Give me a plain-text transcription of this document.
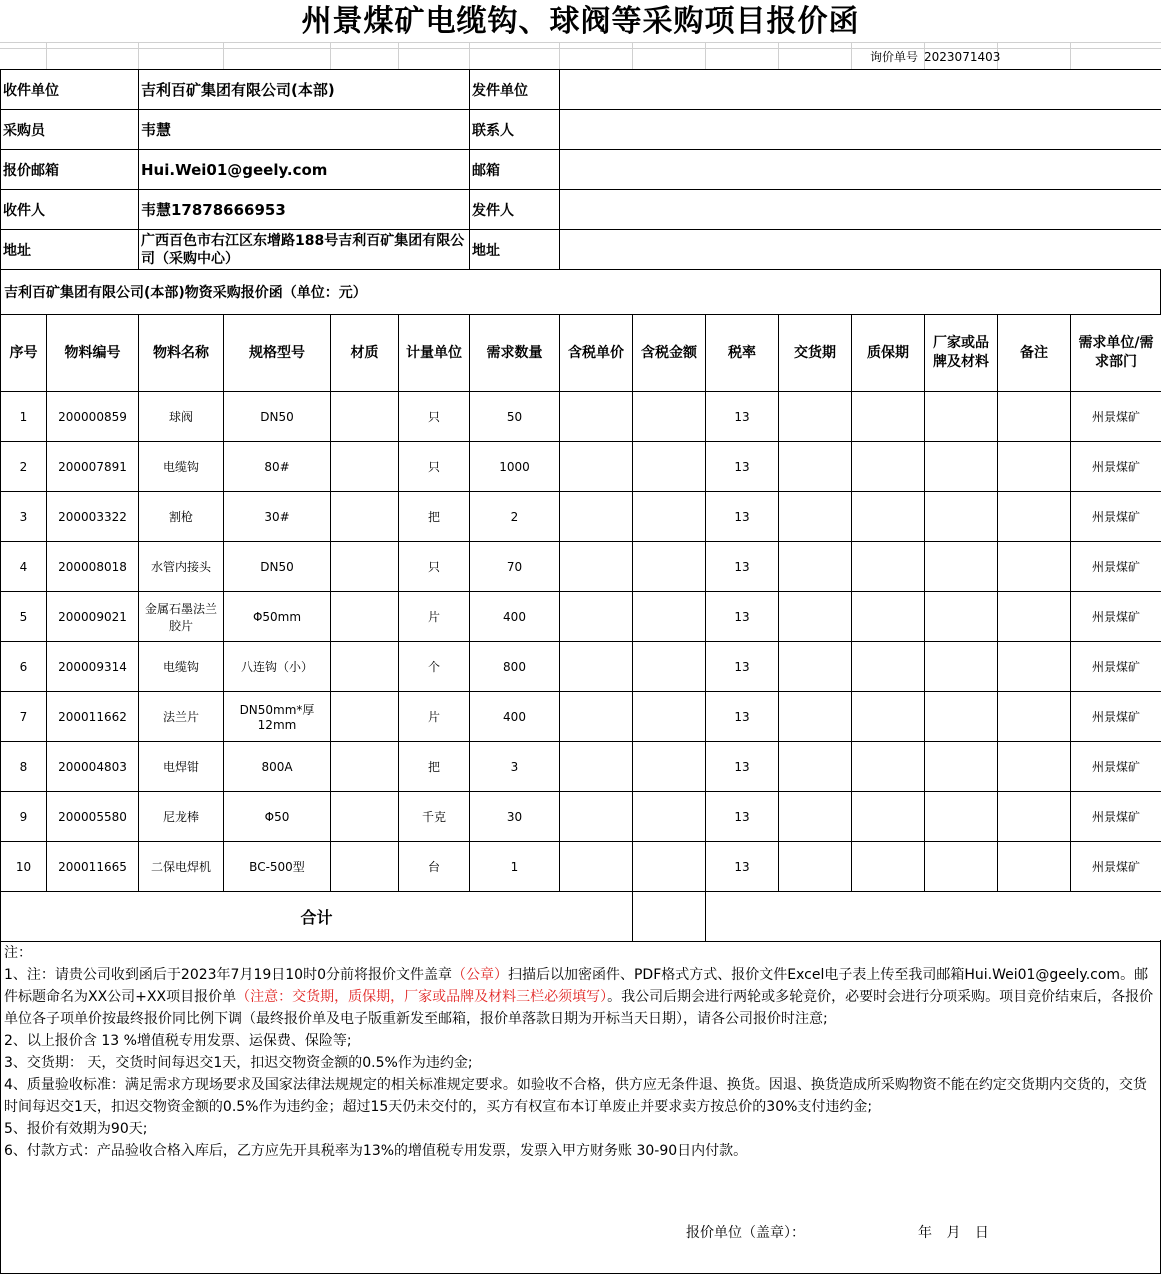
州景煤矿电缆钩、球阀等采购项目报价函
询价单号 2023071403
收件单位	吉利百矿集团有限公司(本部)	发件单位	
采购员	韦慧	联系人	
报价邮箱	Hui.Wei01@geely.com	邮箱	
收件人	韦慧17878666953	发件人	
地址	广西百色市右江区东增路188号吉利百矿集团有限公司（采购中心）	地址	
吉利百矿集团有限公司(本部)物资采购报价函（单位：元）
序号	物料编号	物料名称	规格型号	材质	计量单位	需求数量	含税单价	含税金额	税率	交货期	质保期	厂家或品牌及材料	备注	需求单位/需求部门
1	200000859	球阀	DN50		只	50			13					州景煤矿
2	200007891	电缆钩	80#		只	1000			13					州景煤矿
3	200003322	割枪	30#		把	2			13					州景煤矿
4	200008018	水管内接头	DN50		只	70			13					州景煤矿
5	200009021	金属石墨法兰胶片	Φ50mm		片	400			13					州景煤矿
6	200009314	电缆钩	八连钩（小）		个	800			13					州景煤矿
7	200011662	法兰片	DN50mm*厚12mm		片	400			13					州景煤矿
8	200004803	电焊钳	800A		把	3			13					州景煤矿
9	200005580	尼龙棒	Φ50		千克	30			13					州景煤矿
10	200011665	二保电焊机	BC-500型		台	1			13					州景煤矿
合计														

注：

1、注：请贵公司收到函后于2023年7月19日10时0分前将报价文件盖章（公章）扫描后以加密函件、PDF格式方式、报价文件Excel电子表上传至我司邮箱Hui.Wei01@geely.com。邮件标题命名为XX公司+XX项目报价单（注意：交货期，质保期，厂家或品牌及材料三栏必须填写）。我公司后期会进行两轮或多轮竞价，必要时会进行分项采购。项目竞价结束后，各报价单位各子项单价按最终报价同比例下调（最终报价单及电子版重新发至邮箱，报价单落款日期为开标当天日期），请各公司报价时注意;

2、以上报价含 13 %增值税专用发票、运保费、保险等;

3、交货期： 天，交货时间每迟交1天，扣迟交物资金额的0.5%作为违约金;

4、质量验收标准：满足需求方现场要求及国家法律法规规定的相关标准规定要求。如验收不合格，供方应无条件退、换货。因退、换货造成所采购物资不能在约定交货期内交货的，交货时间每迟交1天，扣迟交物资金额的0.5%作为违约金；超过15天仍未交付的，买方有权宣布本订单废止并要求卖方按总价的30%支付违约金;

5、报价有效期为90天;

6、付款方式：产品验收合格入库后，乙方应先开具税率为13%的增值税专用发票，发票入甲方财务账 30-90日内付款。

报价单位（盖章）：	年 月 日
